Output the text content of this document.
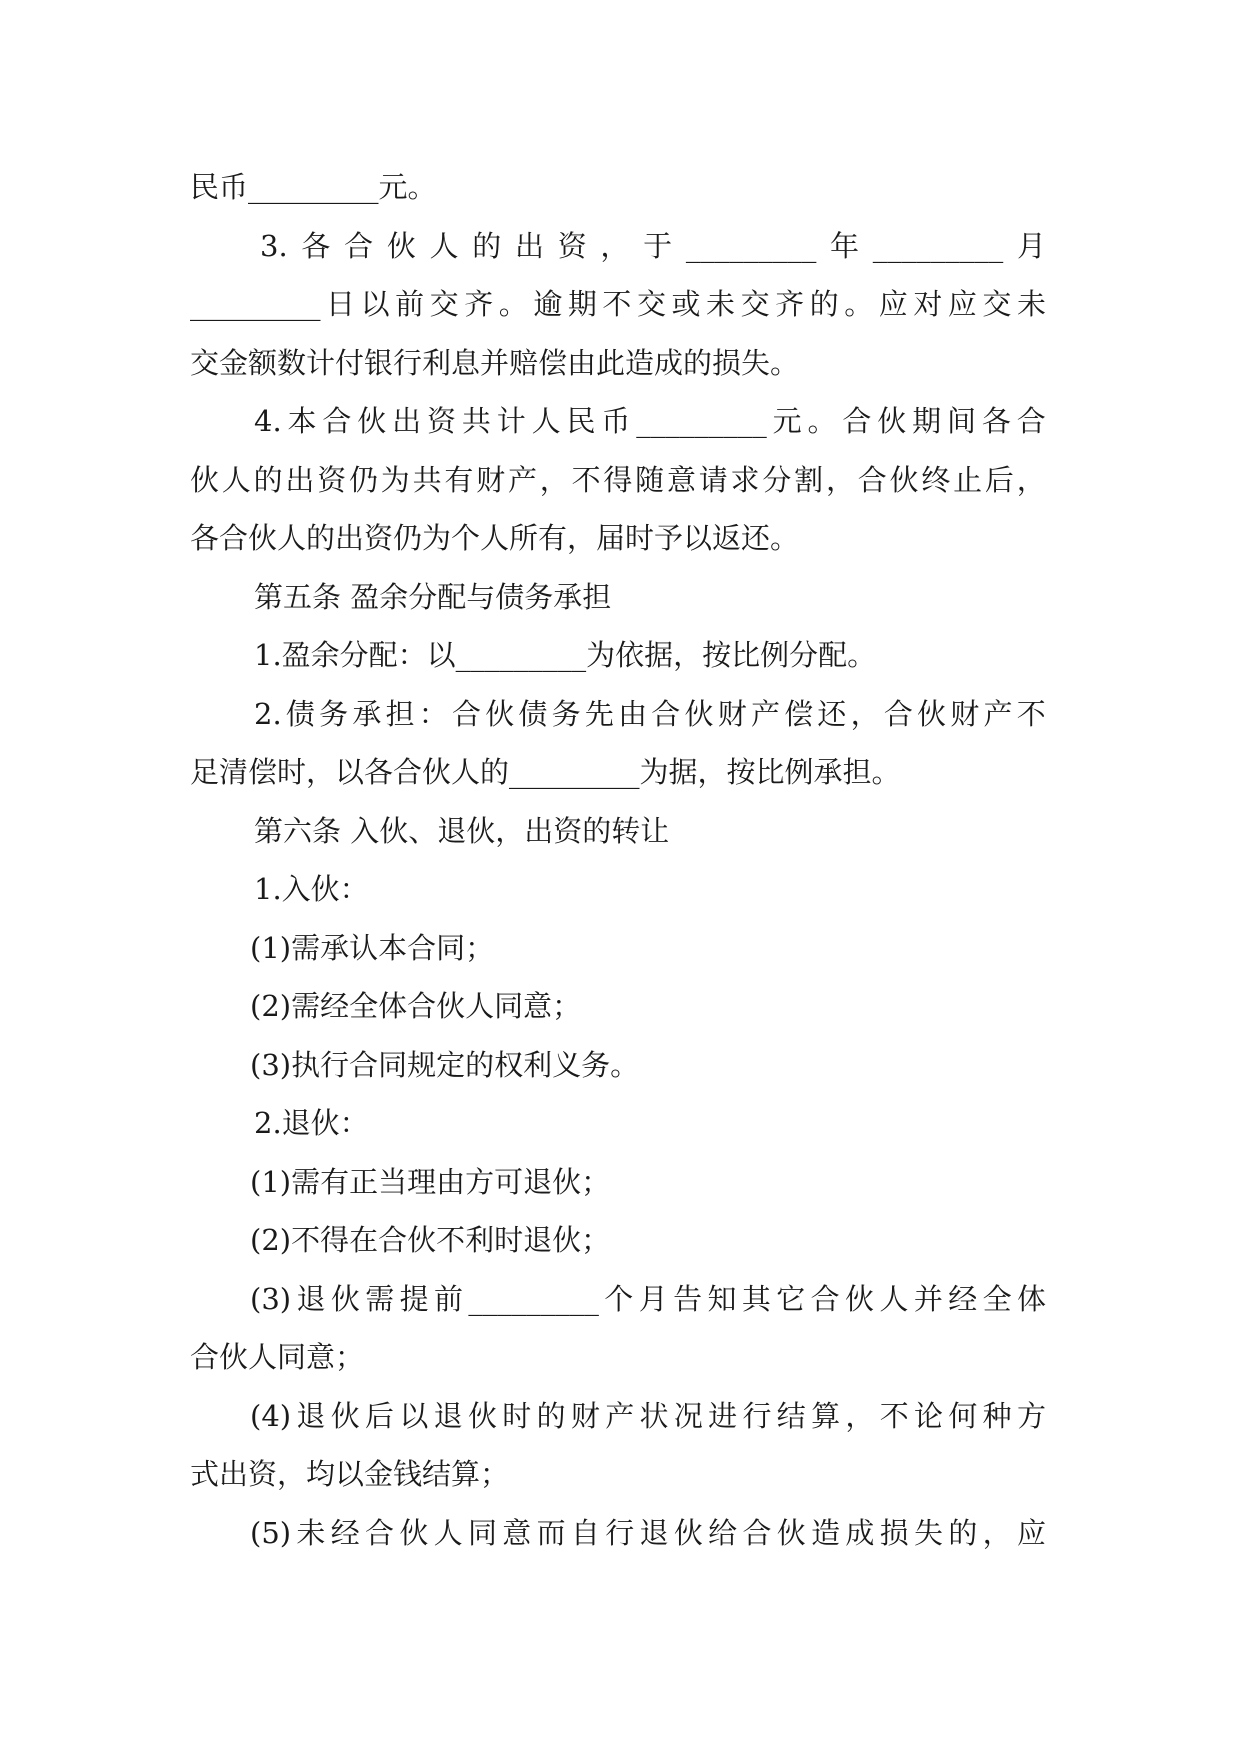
民币_________元。
3. 各 合 伙 人 的 出 资 ， 于 _________ 年 _________ 月
_________ 日 以 前 交 齐 。 逾 期 不 交 或 未 交 齐 的 。 应 对 应 交 未
交金额数计付银行利息并赔偿由此造成的损失。
4. 本 合 伙 出 资 共 计 人 民 币 _________ 元 。 合 伙 期 间 各 合
伙 人 的 出 资 仍 为 共 有 财 产 ， 不 得 随 意 请 求 分 割 ， 合 伙 终 止 后 ，
各合伙人的出资仍为个人所有，届时予以返还。
第五条 盈余分配与债务承担
1.盈余分配：以_________为依据，按比例分配。
2. 债 务 承 担 ： 合 伙 债 务 先 由 合 伙 财 产 偿 还 ， 合 伙 财 产 不
足清偿时，以各合伙人的_________为据，按比例承担。
第六条 入伙、退伙，出资的转让
1.入伙：
(1)需承认本合同；
(2)需经全体合伙人同意；
(3)执行合同规定的权利义务。
2.退伙：
(1)需有正当理由方可退伙；
(2)不得在合伙不利时退伙；
(3) 退 伙 需 提 前 _________ 个 月 告 知 其 它 合 伙 人 并 经 全 体
合伙人同意；
(4) 退 伙 后 以 退 伙 时 的 财 产 状 况 进 行 结 算 ， 不 论 何 种 方
式出资，均以金钱结算；
(5) 未 经 合 伙 人 同 意 而 自 行 退 伙 给 合 伙 造 成 损 失 的 ， 应
